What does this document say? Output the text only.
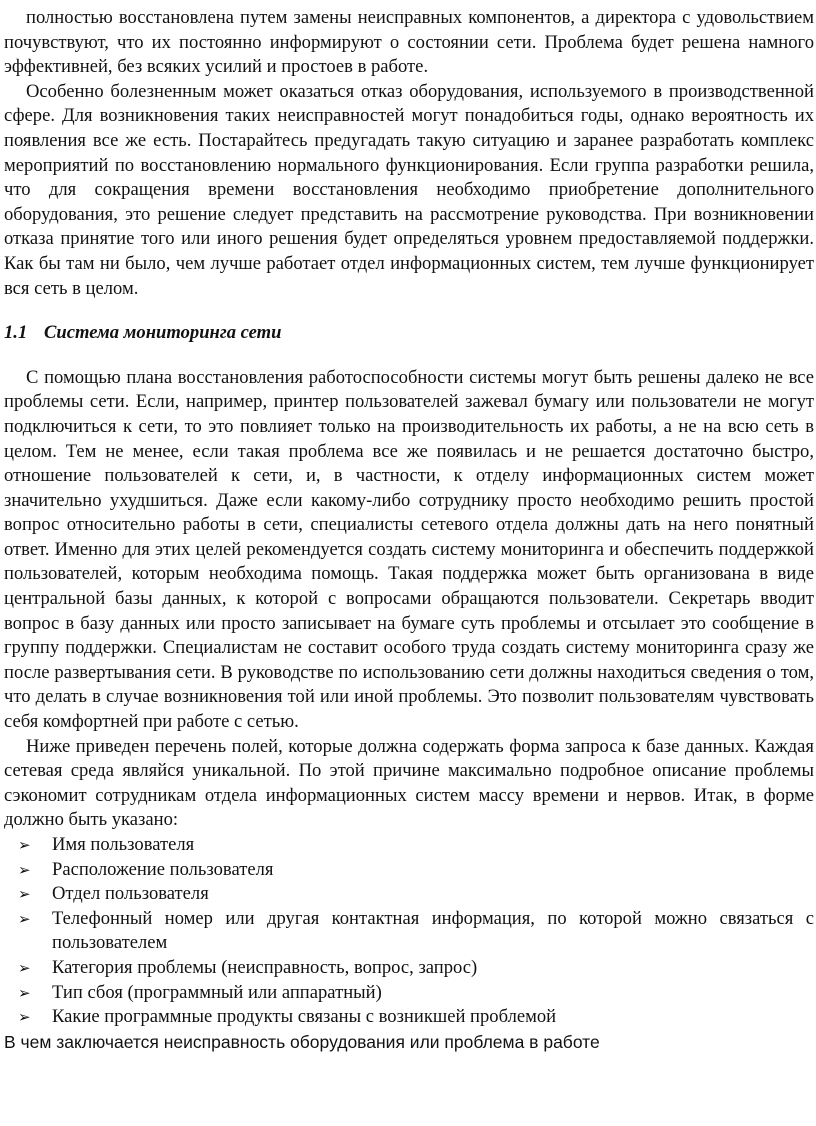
полностью восстановлена путем замены неисправных компонентов, а директора с удовольствием почувствуют, что их постоянно информируют о состоянии сети. Проблема будет решена намного эффективней, без всяких усилий и простоев в работе.

Особенно болезненным может оказаться отказ оборудования, используемого в производственной сфере. Для возникновения таких неисправностей могут понадобиться годы, однако вероятность их появления все же есть. Постарайтесь предугадать такую ситуацию и заранее разработать комплекс мероприятий по восстановлению нормального функционирования. Если группа разработки решила, что для сокращения времени восстановления необходимо приобретение дополнительного оборудования, это решение следует представить на рассмотрение руководства. При возникновении отказа принятие того или иного решения будет определяться уровнем предоставляемой поддержки. Как бы там ни было, чем лучше работает отдел информационных систем, тем лучше функционирует вся сеть в целом.

1.1 Система мониторинга сети

С помощью плана восстановления работоспособности системы могут быть решены далеко не все проблемы сети. Если, например, принтер пользователей зажевал бумагу или пользователи не могут подключиться к сети, то это повлияет только на производительность их работы, а не на всю сеть в целом. Тем не менее, если такая проблема все же появилась и не решается достаточно быстро, отношение пользователей к сети, и, в частности, к отделу информационных систем может значительно ухудшиться. Даже если какому-либо сотруднику просто необходимо решить простой вопрос относительно работы в сети, специалисты сетевого отдела должны дать на него понятный ответ. Именно для этих целей рекомендуется создать систему мониторинга и обеспечить поддержкой пользователей, которым необходима помощь. Такая поддержка может быть организована в виде центральной базы данных, к которой с вопросами обращаются пользователи. Секретарь вводит вопрос в базу данных или просто записывает на бумаге суть проблемы и отсылает это сообщение в группу поддержки. Специалистам не составит особого труда создать систему мониторинга сразу же после развертывания сети. В руководстве по использованию сети должны находиться сведения о том, что делать в случае возникновения той или иной проблемы. Это позволит пользователям чувствовать себя комфортней при работе с сетью.

Ниже приведен перечень полей, которые должна содержать форма запроса к базе данных. Каждая сетевая среда являйся уникальной. По этой причине максимально подробное описание проблемы сэкономит сотрудникам отдела информационных систем массу времени и нервов. Итак, в форме должно быть указано:

➢	Имя пользователя
➢	Расположение пользователя
➢	Отдел пользователя
➢	Телефонный номер или другая контактная информация, по которой можно связаться с пользователем
➢	Категория проблемы (неисправность, вопрос, запрос)
➢	Тип сбоя (программный или аппаратный)
➢	Какие программные продукты связаны с возникшей проблемой

В чем заключается неисправность оборудования или проблема в работе
